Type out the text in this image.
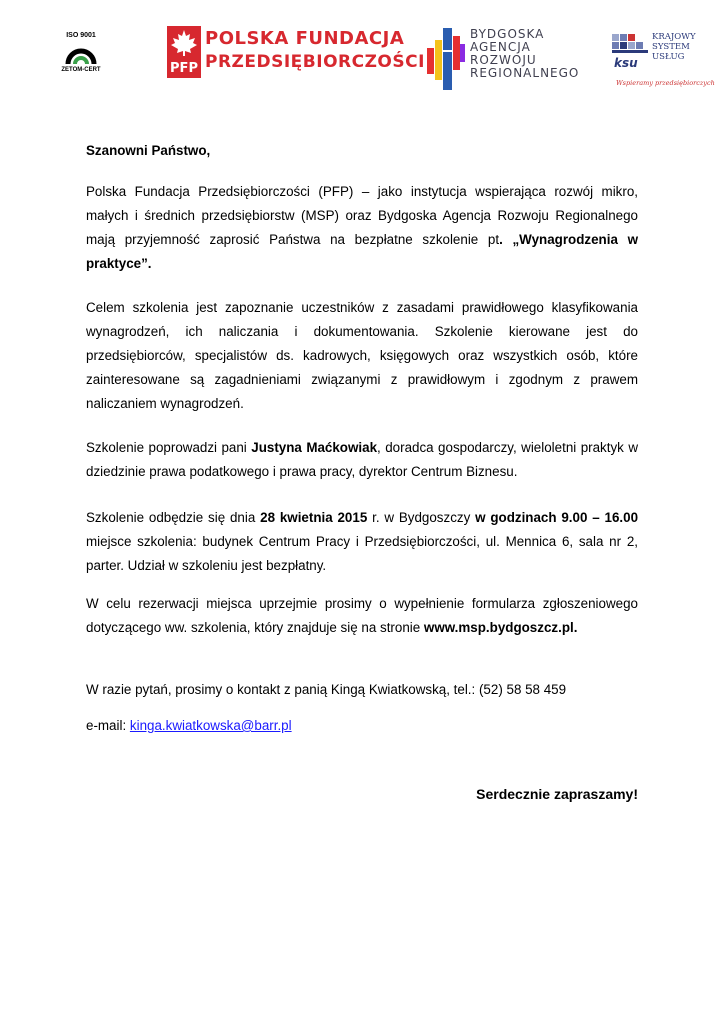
ISO 9001
ZETOM-CERT	PFP
POLSKA FUNDACJA
PRZEDSIĘBIORCZOŚCI
BYDGOSKA
AGENCJA
ROZWOJU
REGIONALNEGO
ksu
KRAJOWY
SYSTEM
USŁUG
Wspieramy przedsiębiorczych
Szanowni Państwo,
Polska Fundacja Przedsiębiorczości (PFP) – jako instytucja wspierająca rozwój mikro, małych i średnich przedsiębiorstw (MSP) oraz Bydgoska Agencja Rozwoju Regionalnego mają przyjemność zaprosić Państwa na bezpłatne szkolenie pt. „Wynagrodzenia w praktyce”.
Celem szkolenia jest zapoznanie uczestników z zasadami prawidłowego klasyfikowania wynagrodzeń, ich naliczania i dokumentowania. Szkolenie kierowane jest do przedsiębiorców, specjalistów ds. kadrowych, księgowych oraz wszystkich osób, które zainteresowane są zagadnieniami związanymi z prawidłowym i zgodnym z prawem naliczaniem wynagrodzeń.
Szkolenie poprowadzi pani Justyna Maćkowiak, doradca gospodarczy, wieloletni praktyk w dziedzinie prawa podatkowego i prawa pracy, dyrektor Centrum Biznesu.
Szkolenie odbędzie się dnia 28 kwietnia 2015 r. w Bydgoszczy w godzinach 9.00 – 16.00 miejsce szkolenia: budynek Centrum Pracy i Przedsiębiorczości, ul. Mennica 6, sala nr 2, parter. Udział w szkoleniu jest bezpłatny.
W celu rezerwacji miejsca uprzejmie prosimy o wypełnienie formularza zgłoszeniowego dotyczącego ww. szkolenia, który znajduje się na stronie www.msp.bydgoszcz.pl.
W razie pytań, prosimy o kontakt z panią Kingą Kwiatkowską, tel.: (52) 58 58 459
e-mail: kinga.kwiatkowska@barr.pl
Serdecznie zapraszamy!
